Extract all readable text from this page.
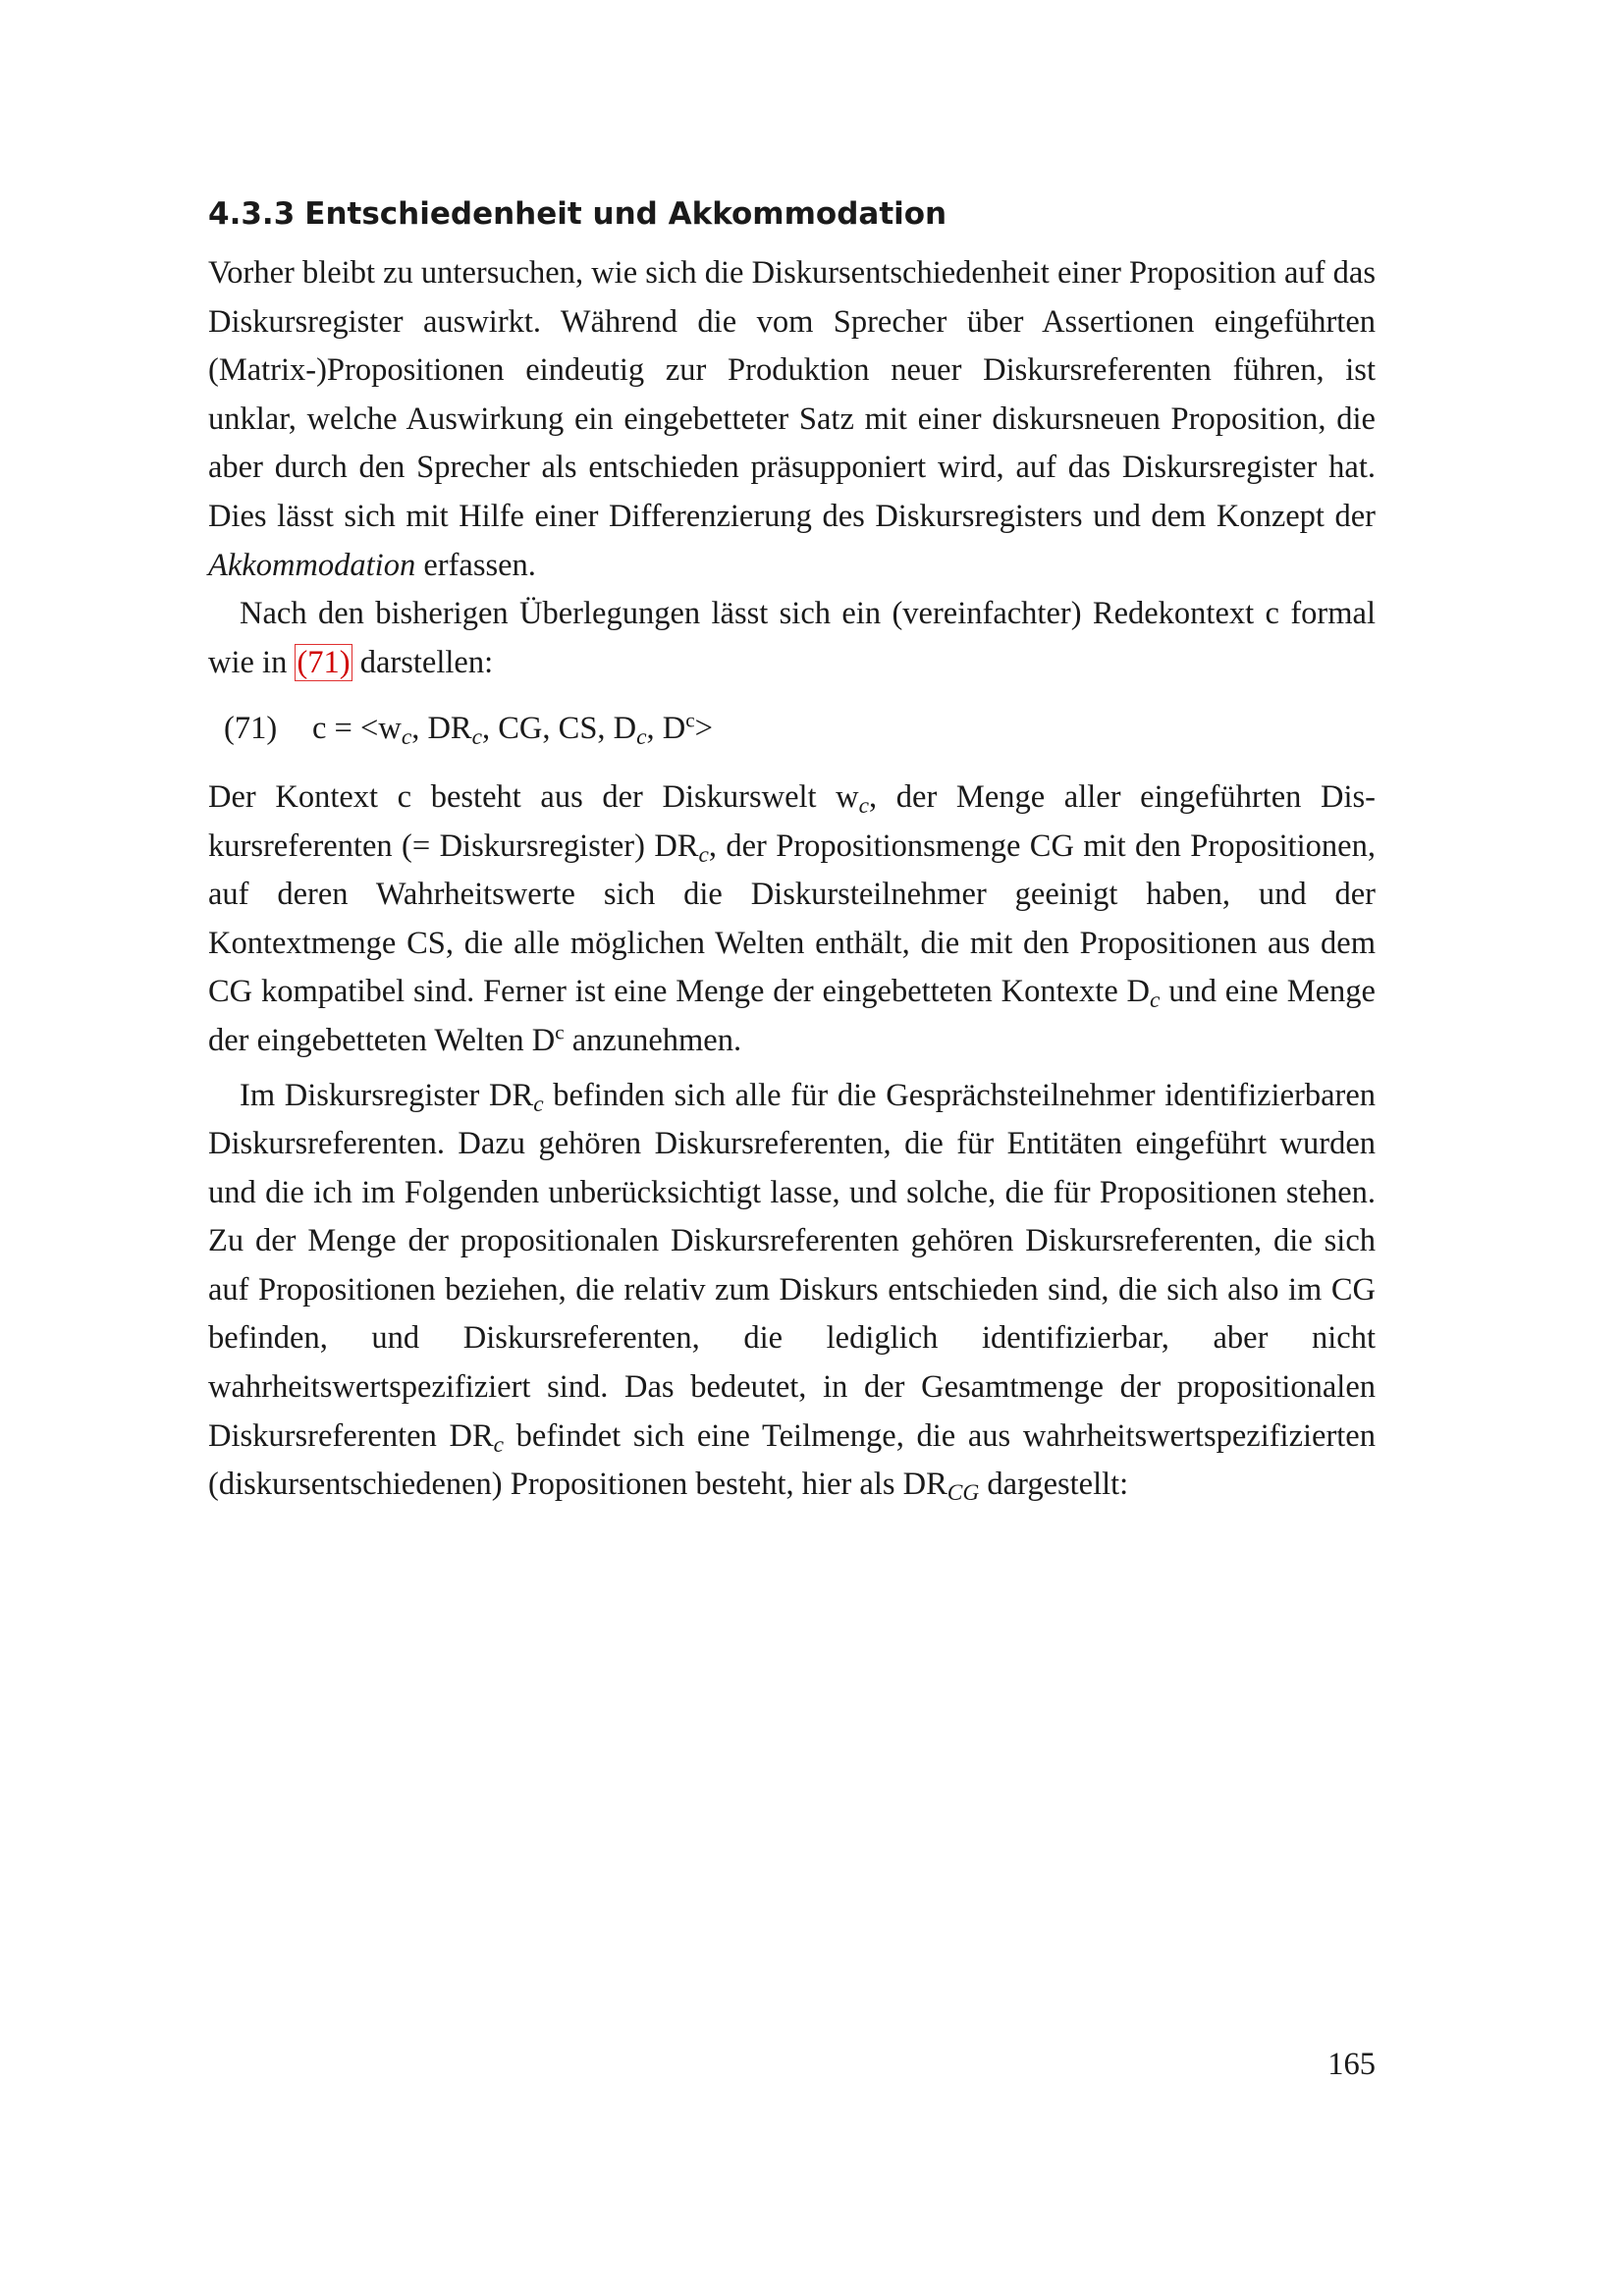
4.3.3 Entschiedenheit und Akkommodation

Vorher bleibt zu untersuchen, wie sich die Diskursentschiedenheit einer Proposition auf das Diskursregister auswirkt. Während die vom Sprecher über Assertionen eingeführten (Matrix-)Propositionen eindeutig zur Produktion neuer Diskursreferenten führen, ist unklar, welche Auswirkung ein eingebetteter Satz mit einer diskursneuen Proposition, die aber durch den Sprecher als entschieden präsupponiert wird, auf das Diskursregister hat. Dies lässt sich mit Hilfe einer Differenzierung des Diskursregisters und dem Konzept der Akkommodation erfassen.

Nach den bisherigen Überlegungen lässt sich ein (vereinfachter) Redekontext c formal wie in (71) darstellen:

(71)	$c = <w_c$, $DR_c$, CG, CS, $D_c$, $D^c>$

Der Kontext c besteht aus der Diskurswelt $w_c$, der Menge aller eingeführten Diskursreferenten (= Diskursregister) $DR_c$, der Propositionsmenge CG mit den Propositionen, auf deren Wahrheitswerte sich die Diskursteilnehmer geeinigt haben, und der Kontextmenge CS, die alle möglichen Welten enthält, die mit den Propositionen aus dem CG kompatibel sind. Ferner ist eine Menge der eingebetteten Kontexte $D_c$ und eine Menge der eingebetteten Welten $D^c$ anzunehmen.

Im Diskursregister $DR_c$ befinden sich alle für die Gesprächsteilnehmer identifizierbaren Diskursreferenten. Dazu gehören Diskursreferenten, die für Entitäten eingeführt wurden und die ich im Folgenden unberücksichtigt lasse, und solche, die für Propositionen stehen. Zu der Menge der propositionalen Diskursreferenten gehören Diskursreferenten, die sich auf Propositionen beziehen, die relativ zum Diskurs entschieden sind, die sich also im CG befinden, und Diskursreferenten, die lediglich identifizierbar, aber nicht wahrheitswertspezifiziert sind. Das bedeutet, in der Gesamtmenge der propositionalen Diskursreferenten $DR_c$ befindet sich eine Teilmenge, die aus wahrheitswertspezifizierten (diskursentschiedenen) Propositionen besteht, hier als $DR_{CG}$ dargestellt:

165
